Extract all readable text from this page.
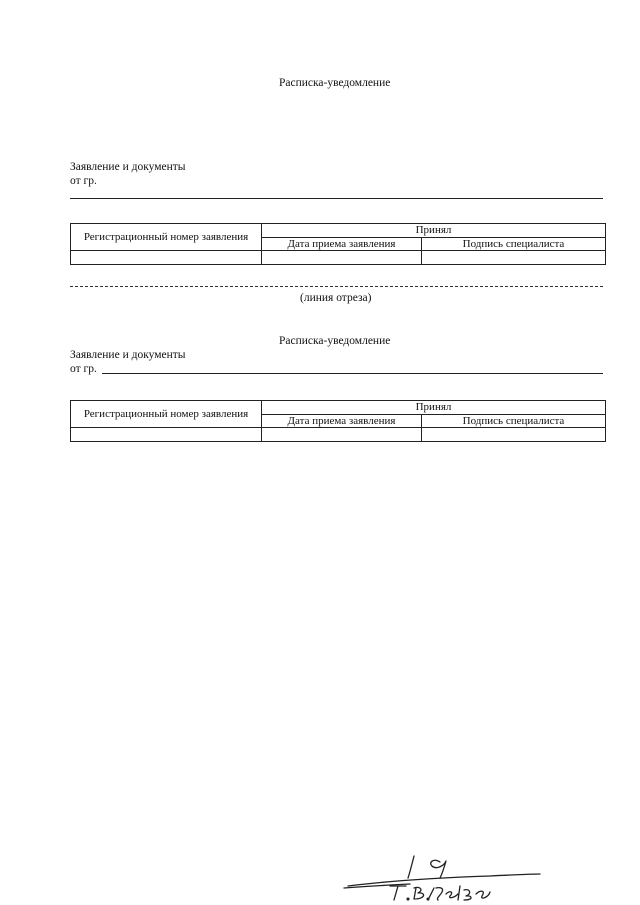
Расписка-уведомление
Заявление и документы
от гр.
Регистрационный номер заявления	Принял	
	Дата приема заявления	Подпись специалиста

(линия отреза)
Расписка-уведомление
Заявление и документы
от гр.
Регистрационный номер заявления	Принял	
	Дата приема заявления	Подпись специалиста
